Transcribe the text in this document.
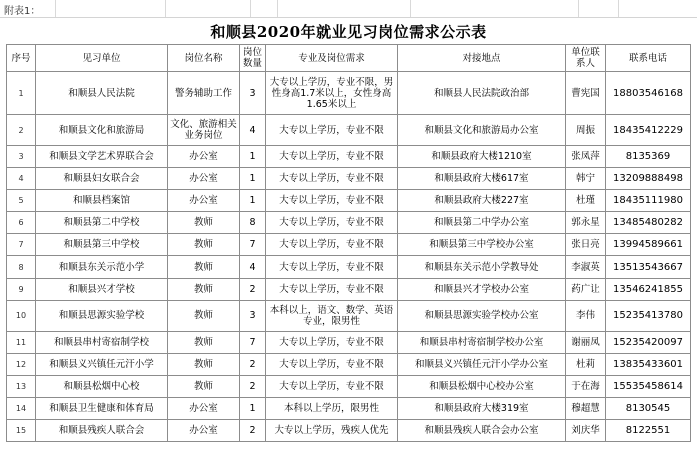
附表1：
和顺县2020年就业见习岗位需求公示表
序号	见习单位	岗位名称	岗位数量	专业及岗位需求	对接地点	单位联系人	联系电话
1	和顺县人民法院	警务辅助工作	3	大专以上学历，专业不限，男性身高1.7米以上，女性身高1.65米以上	和顺县人民法院政治部	曹宪国	18803546168
2	和顺县文化和旅游局	文化、旅游相关业务岗位	4	大专以上学历，专业不限	和顺县文化和旅游局办公室	周振	18435412229
3	和顺县文学艺术界联合会	办公室	1	大专以上学历，专业不限	和顺县政府大楼1210室	张凤萍	8135369
4	和顺县妇女联合会	办公室	1	大专以上学历，专业不限	和顺县政府大楼617室	韩宁	13209888498
5	和顺县档案馆	办公室	1	大专以上学历，专业不限	和顺县政府大楼227室	杜瑾	18435111980
6	和顺县第二中学校	教师	8	大专以上学历，专业不限	和顺县第二中学办公室	郭永星	13485480282
7	和顺县第三中学校	教师	7	大专以上学历，专业不限	和顺县第三中学校办公室	张日亮	13994589661
8	和顺县东关示范小学	教师	4	大专以上学历，专业不限	和顺县东关示范小学教导处	李淑英	13513543667
9	和顺县兴才学校	教师	2	大专以上学历，专业不限	和顺县兴才学校办公室	药广让	13546241855
10	和顺县思源实验学校	教师	3	本科以上，语文、数学、英语专业，限男性	和顺县思源实验学校办公室	李伟	15235413780
11	和顺县串村寄宿制学校	教师	7	大专以上学历，专业不限	和顺县串村寄宿制学校办公室	谢丽凤	15235420097
12	和顺县义兴镇任元汗小学	教师	2	大专以上学历，专业不限	和顺县义兴镇任元汗小学办公室	杜莉	13835433601
13	和顺县松烟中心校	教师	2	大专以上学历，专业不限	和顺县松烟中心校办公室	于在海	15535458614
14	和顺县卫生健康和体育局	办公室	1	本科以上学历，限男性	和顺县政府大楼319室	穆超慧	8130545
15	和顺县残疾人联合会	办公室	2	大专以上学历，残疾人优先	和顺县残疾人联合会办公室	刘庆华	8122551
